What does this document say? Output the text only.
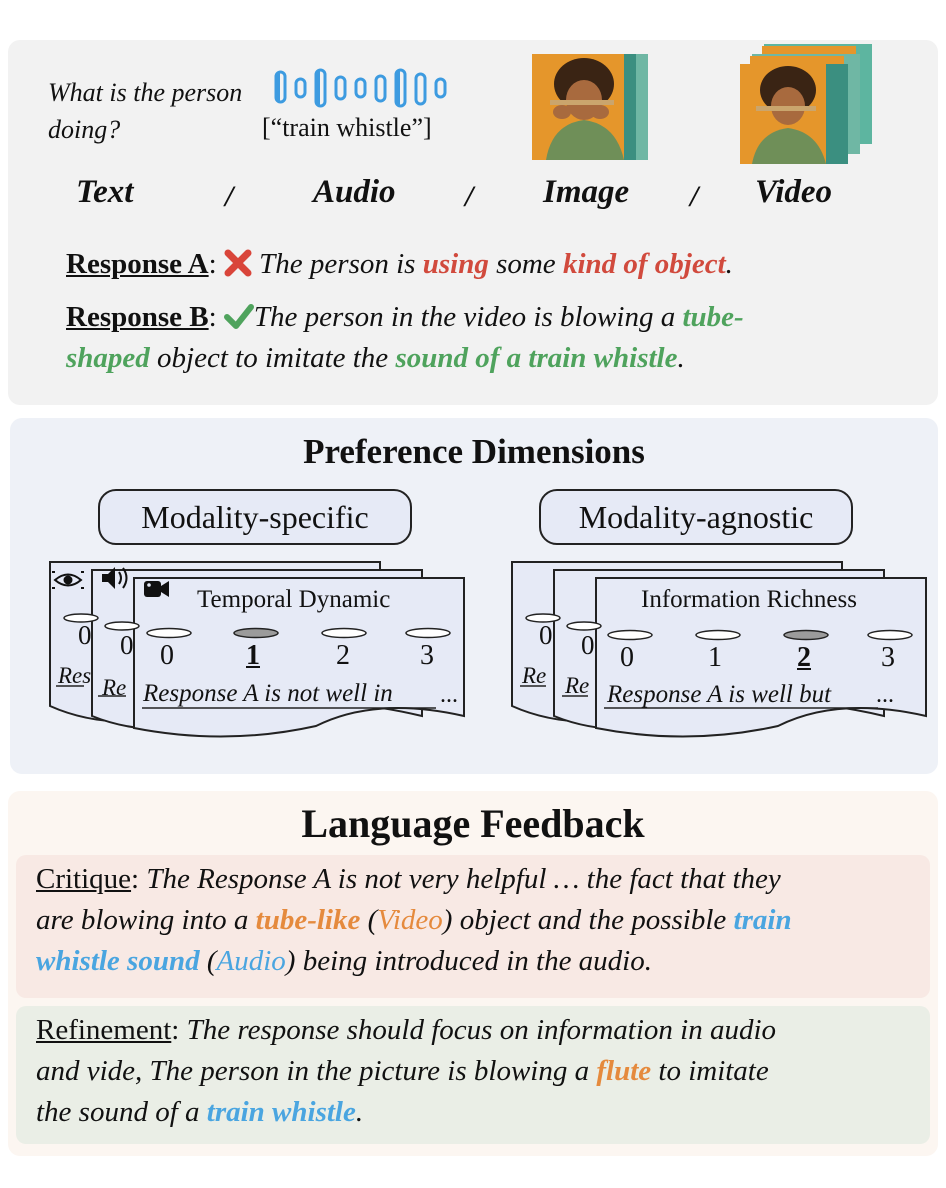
What is the person doing?	[“train whistle”]
Text	/ Audio / Image / Video
Response A: The person is using some kind of object.
Response B: The person in the video is blowing a tube-
shaped object to imitate the sound of a train whistle.
Preference Dimensions
Modality-specific	Modality-agnostic
Temporal Dynamic
0 0 0	1	2	3
Res Re Response A is not well in ...
Information Richness
0 0 0	1	2	3
Re Re Response A is well but ...
Language Feedback
Critique: The Response A is not very helpful … the fact that they
are blowing into a tube-like (Video) object and the possible train
whistle sound (Audio) being introduced in the audio.
Refinement: The response should focus on information in audio
and vide, The person in the picture is blowing a flute to imitate
the sound of a train whistle.
